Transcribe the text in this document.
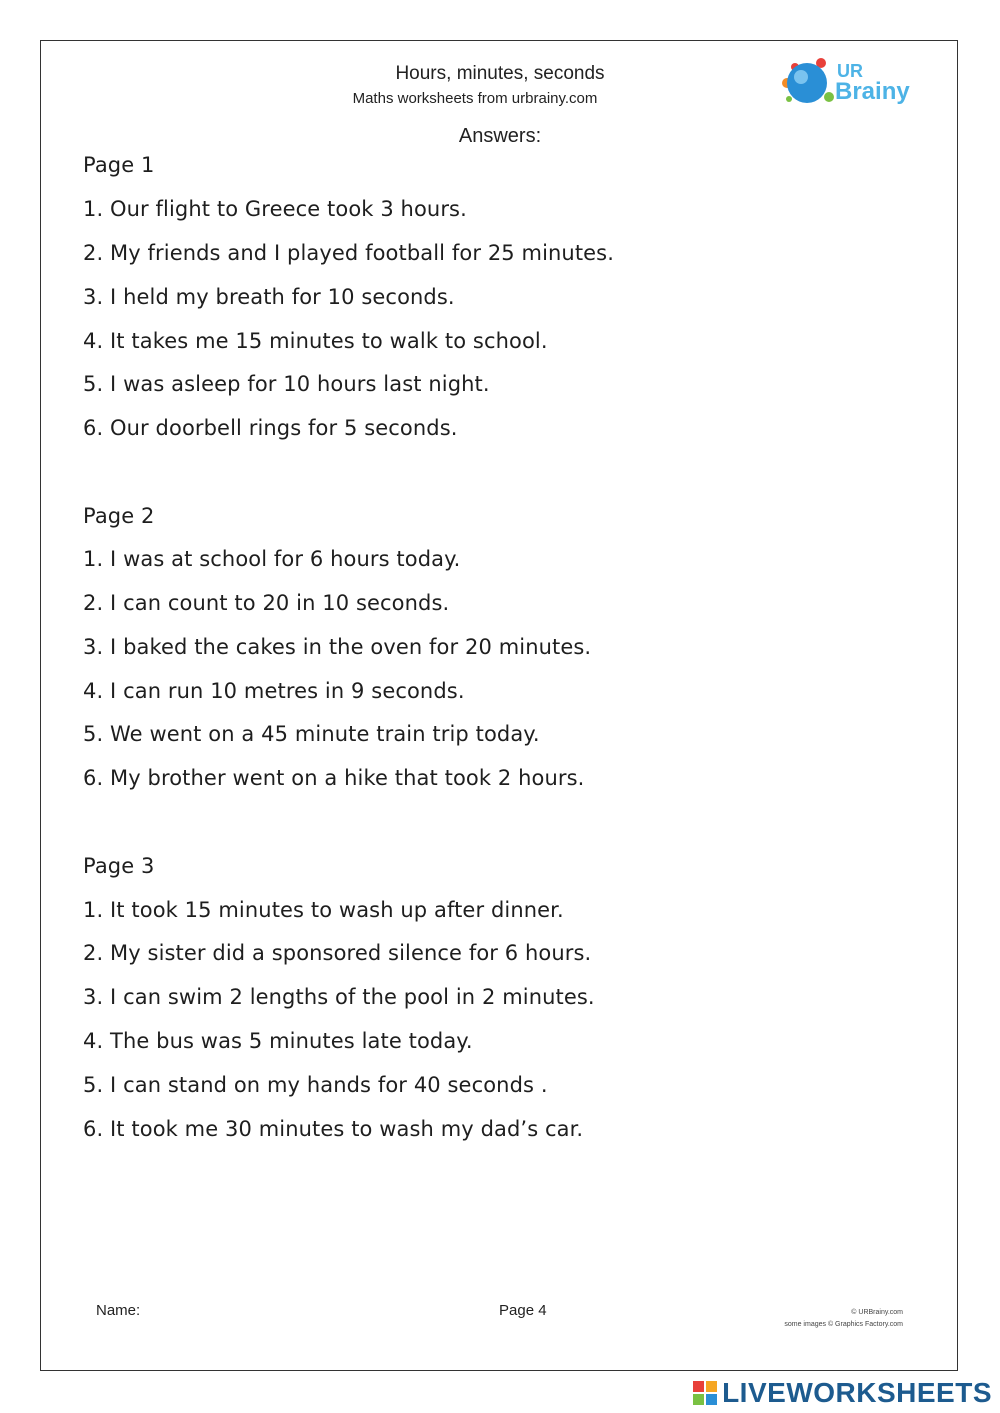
Hours, minutes, seconds
Maths worksheets from urbrainy.com
Answers:
UR
Brainy
Page 1
1. Our flight to Greece took 3 hours.
2. My friends and I played football for 25 minutes.
3. I held my breath for 10 seconds.
4. It takes me 15 minutes to walk to school.
5. I was asleep for 10 hours last night.
6. Our doorbell rings for 5 seconds.
Page 2
1. I was at school for 6 hours today.
2. I can count to 20 in 10 seconds.
3. I baked the cakes in the oven for 20 minutes.
4. I can run 10 metres in 9 seconds.
5. We went on a 45 minute train trip today.
6. My brother went on a hike that took 2 hours.
Page 3
1. It took 15 minutes to wash up after dinner.
2. My sister did a sponsored silence for 6 hours.
3. I can swim 2 lengths of the pool in 2 minutes.
4. The bus was 5 minutes late today.
5. I can stand on my hands for 40 seconds .
6. It took me 30 minutes to wash my dad’s car.
Name:	Page 4	© URBrainy.com
some images © Graphics Factory.com
LIVEWORKSHEETS
